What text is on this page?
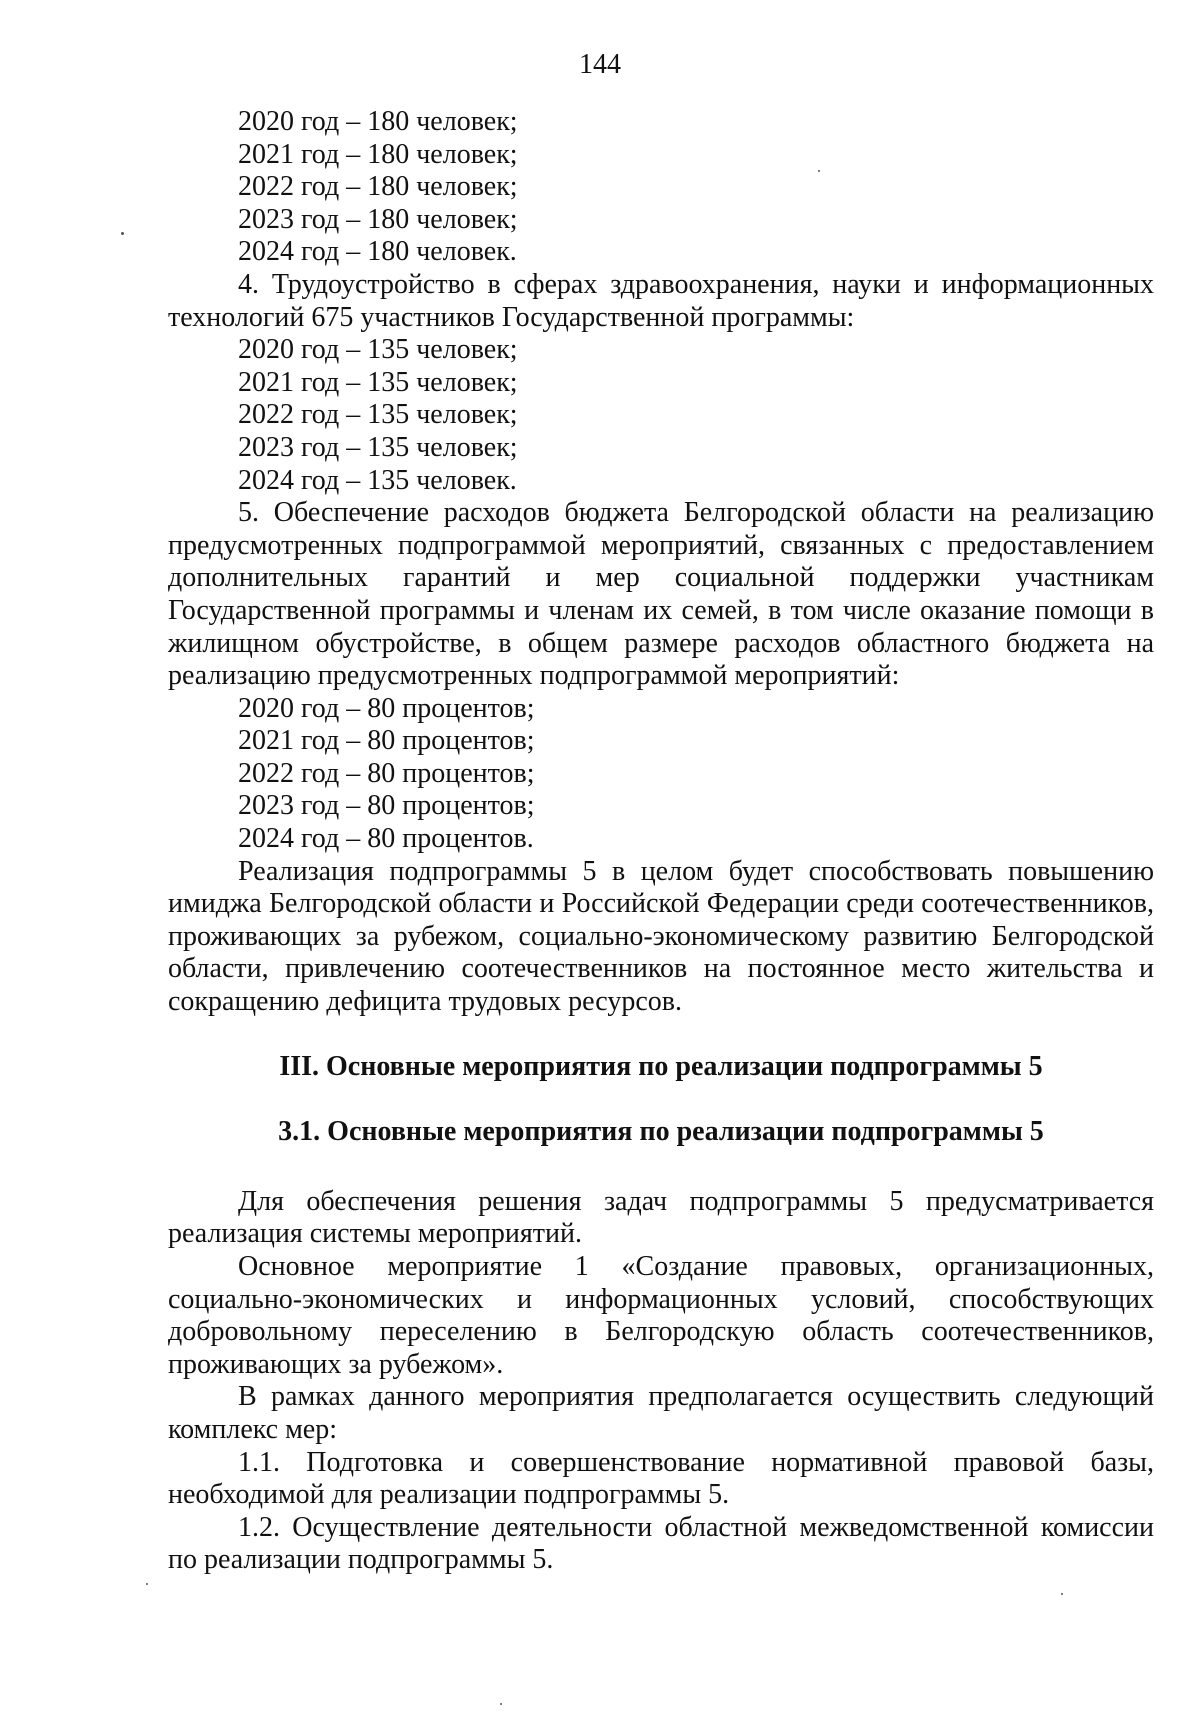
144

2020 год – 180 человек;

2021 год – 180 человек;

2022 год – 180 человек;

2023 год – 180 человек;

2024 год – 180 человек.

4. Трудоустройство в сферах здравоохранения, науки и информационных технологий 675 участников Государственной программы:

2020 год – 135 человек;

2021 год – 135 человек;

2022 год – 135 человек;

2023 год – 135 человек;

2024 год – 135 человек.

5. Обеспечение расходов бюджета Белгородской области на реализацию предусмотренных подпрограммой мероприятий, связанных с предоставлением дополнительных гарантий и мер социальной поддержки участникам Государственной программы и членам их семей, в том числе оказание помощи в жилищном обустройстве, в общем размере расходов областного бюджета на реализацию предусмотренных подпрограммой мероприятий:

2020 год – 80 процентов;

2021 год – 80 процентов;

2022 год – 80 процентов;

2023 год – 80 процентов;

2024 год – 80 процентов.

Реализация подпрограммы 5 в целом будет способствовать повышению имиджа Белгородской области и Российской Федерации среди соотечественников, проживающих за рубежом, социально-экономическому развитию Белгородской области, привлечению соотечественников на постоянное место жительства и сокращению дефицита трудовых ресурсов.

III. Основные мероприятия по реализации подпрограммы 5

3.1. Основные мероприятия по реализации подпрограммы 5

Для обеспечения решения задач подпрограммы 5 предусматривается реализация системы мероприятий.

Основное мероприятие 1 «Создание правовых, организационных, социально-экономических и информационных условий, способствующих добровольному переселению в Белгородскую область соотечественников, проживающих за рубежом».

В рамках данного мероприятия предполагается осуществить следующий комплекс мер:

1.1. Подготовка и совершенствование нормативной правовой базы, необходимой для реализации подпрограммы 5.

1.2. Осуществление деятельности областной межведомственной комиссии по реализации подпрограммы 5.
